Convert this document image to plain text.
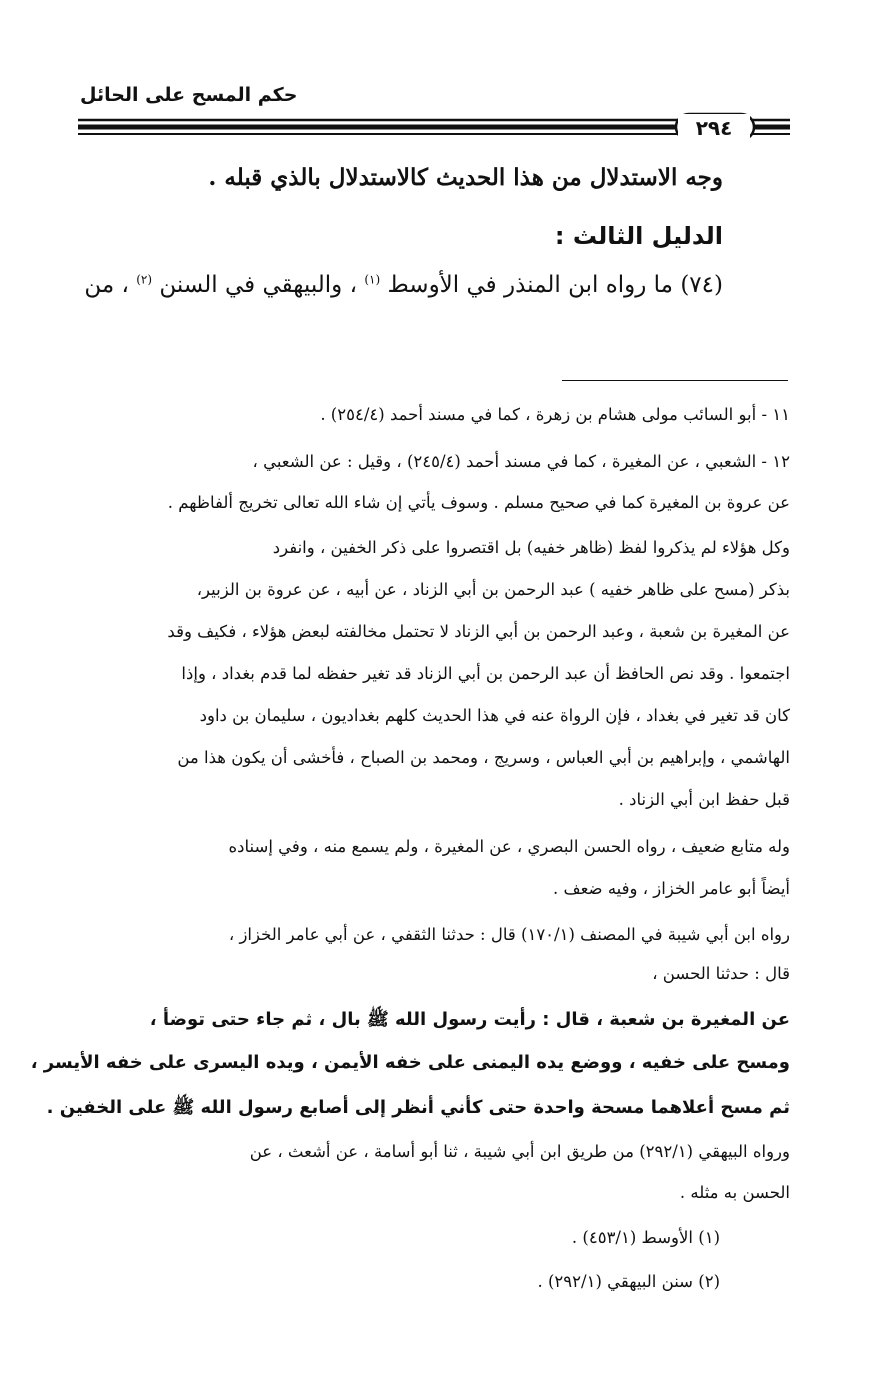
حكم المسح على الحائل
٢٩٤
وجه الاستدلال من هذا الحديث كالاستدلال بالذي قبله .
الدليل الثالث :
(٧٤) ما رواه ابن المنذر في الأوسط $^{(١)}$ ، والبيهقي في السنن $^{(٢)}$ ، من
١١ - أبو السائب مولى هشام بن زهرة ، كما في مسند أحمد (٢٥٤/٤) .
١٢ - الشعبي ، عن المغيرة ، كما في مسند أحمد (٢٤٥/٤) ، وقيل : عن الشعبي ،
عن عروة بن المغيرة كما في صحيح مسلم . وسوف يأتي إن شاء الله تعالى تخريج ألفاظهم .
وكل هؤلاء لم يذكروا لفظ (ظاهر خفيه) بل اقتصروا على ذكر الخفين ، وانفرد
بذكر (مسح على ظاهر خفيه ) عبد الرحمن بن أبي الزناد ، عن أبيه ، عن عروة بن الزبير،
عن المغيرة بن شعبة ، وعبد الرحمن بن أبي الزناد لا تحتمل مخالفته لبعض هؤلاء ، فكيف وقد
اجتمعوا . وقد نص الحافظ أن عبد الرحمن بن أبي الزناد قد تغير حفظه لما قدم بغداد ، وإذا
كان قد تغير في بغداد ، فإن الرواة عنه في هذا الحديث كلهم بغداديون ، سليمان بن داود
الهاشمي ، وإبراهيم بن أبي العباس ، وسريج ، ومحمد بن الصباح ، فأخشى أن يكون هذا من
قبل حفظ ابن أبي الزناد .
وله متابع ضعيف ، رواه الحسن البصري ، عن المغيرة ، ولم يسمع منه ، وفي إسناده
أيضاً أبو عامر الخزاز ، وفيه ضعف .
رواه ابن أبي شيبة في المصنف (١٧٠/١) قال : حدثنا الثقفي ، عن أبي عامر الخزاز ،
قال : حدثنا الحسن ،
عن المغيرة بن شعبة ، قال : رأيت رسول الله ﷺ بال ، ثم جاء حتى توضأ ،
ومسح على خفيه ، ووضع يده اليمنى على خفه الأيمن ، ويده اليسرى على خفه الأيسر ،
ثم مسح أعلاهما مسحة واحدة حتى كأني أنظر إلى أصابع رسول الله ﷺ على الخفين .
ورواه البيهقي (٢٩٢/١) من طريق ابن أبي شيبة ، ثنا أبو أسامة ، عن أشعث ، عن
الحسن به مثله .
(١) الأوسط (٤٥٣/١) .
(٢) سنن البيهقي (٢٩٢/١) .
